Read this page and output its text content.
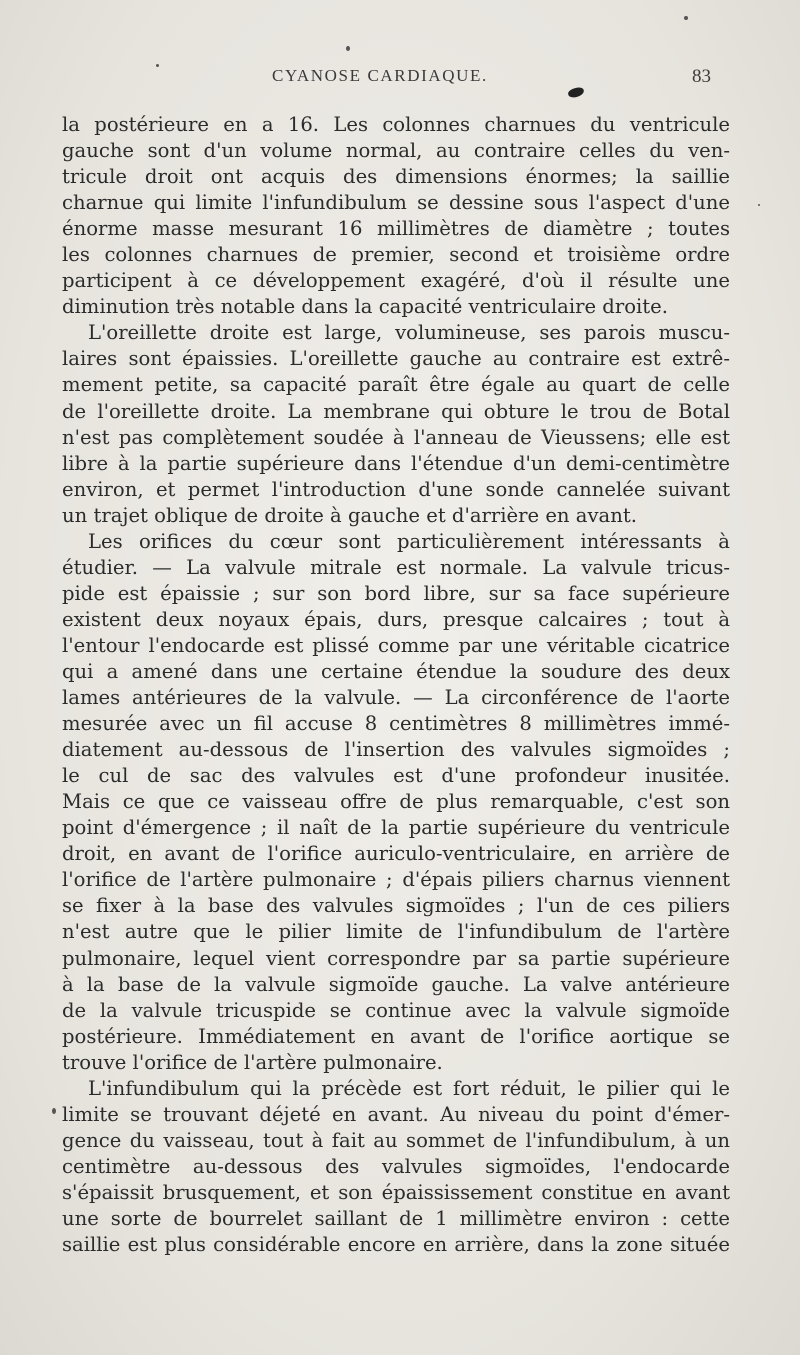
CYANOSE CARDIAQUE.	83
la postérieure en a 16. Les colonnes charnues du ventricule
gauche sont d'un volume normal, au contraire celles du ven-
tricule droit ont acquis des dimensions énormes; la saillie
charnue qui limite l'infundibulum se dessine sous l'aspect d'une
énorme masse mesurant 16 millimètres de diamètre ; toutes
les colonnes charnues de premier, second et troisième ordre
participent à ce développement exagéré, d'où il résulte une
diminution très notable dans la capacité ventriculaire droite.
L'oreillette droite est large, volumineuse, ses parois muscu-
laires sont épaissies. L'oreillette gauche au contraire est extrê-
mement petite, sa capacité paraît être égale au quart de celle
de l'oreillette droite. La membrane qui obture le trou de Botal
n'est pas complètement soudée à l'anneau de Vieussens; elle est
libre à la partie supérieure dans l'étendue d'un demi-centimètre
environ, et permet l'introduction d'une sonde cannelée suivant
un trajet oblique de droite à gauche et d'arrière en avant.
Les orifices du cœur sont particulièrement intéressants à
étudier. — La valvule mitrale est normale. La valvule tricus-
pide est épaissie ; sur son bord libre, sur sa face supérieure
existent deux noyaux épais, durs, presque calcaires ; tout à
l'entour l'endocarde est plissé comme par une véritable cicatrice
qui a amené dans une certaine étendue la soudure des deux
lames antérieures de la valvule. — La circonférence de l'aorte
mesurée avec un fil accuse 8 centimètres 8 millimètres immé-
diatement au-dessous de l'insertion des valvules sigmoïdes ;
le cul de sac des valvules est d'une profondeur inusitée.
Mais ce que ce vaisseau offre de plus remarquable, c'est son
point d'émergence ; il naît de la partie supérieure du ventricule
droit, en avant de l'orifice auriculo-ventriculaire, en arrière de
l'orifice de l'artère pulmonaire ; d'épais piliers charnus viennent
se fixer à la base des valvules sigmoïdes ; l'un de ces piliers
n'est autre que le pilier limite de l'infundibulum de l'artère
pulmonaire, lequel vient correspondre par sa partie supérieure
à la base de la valvule sigmoïde gauche. La valve antérieure
de la valvule tricuspide se continue avec la valvule sigmoïde
postérieure. Immédiatement en avant de l'orifice aortique se
trouve l'orifice de l'artère pulmonaire.
L'infundibulum qui la précède est fort réduit, le pilier qui le
limite se trouvant déjeté en avant. Au niveau du point d'émer-
gence du vaisseau, tout à fait au sommet de l'infundibulum, à un
centimètre au-dessous des valvules sigmoïdes, l'endocarde
s'épaissit brusquement, et son épaississement constitue en avant
une sorte de bourrelet saillant de 1 millimètre environ : cette
saillie est plus considérable encore en arrière, dans la zone située
